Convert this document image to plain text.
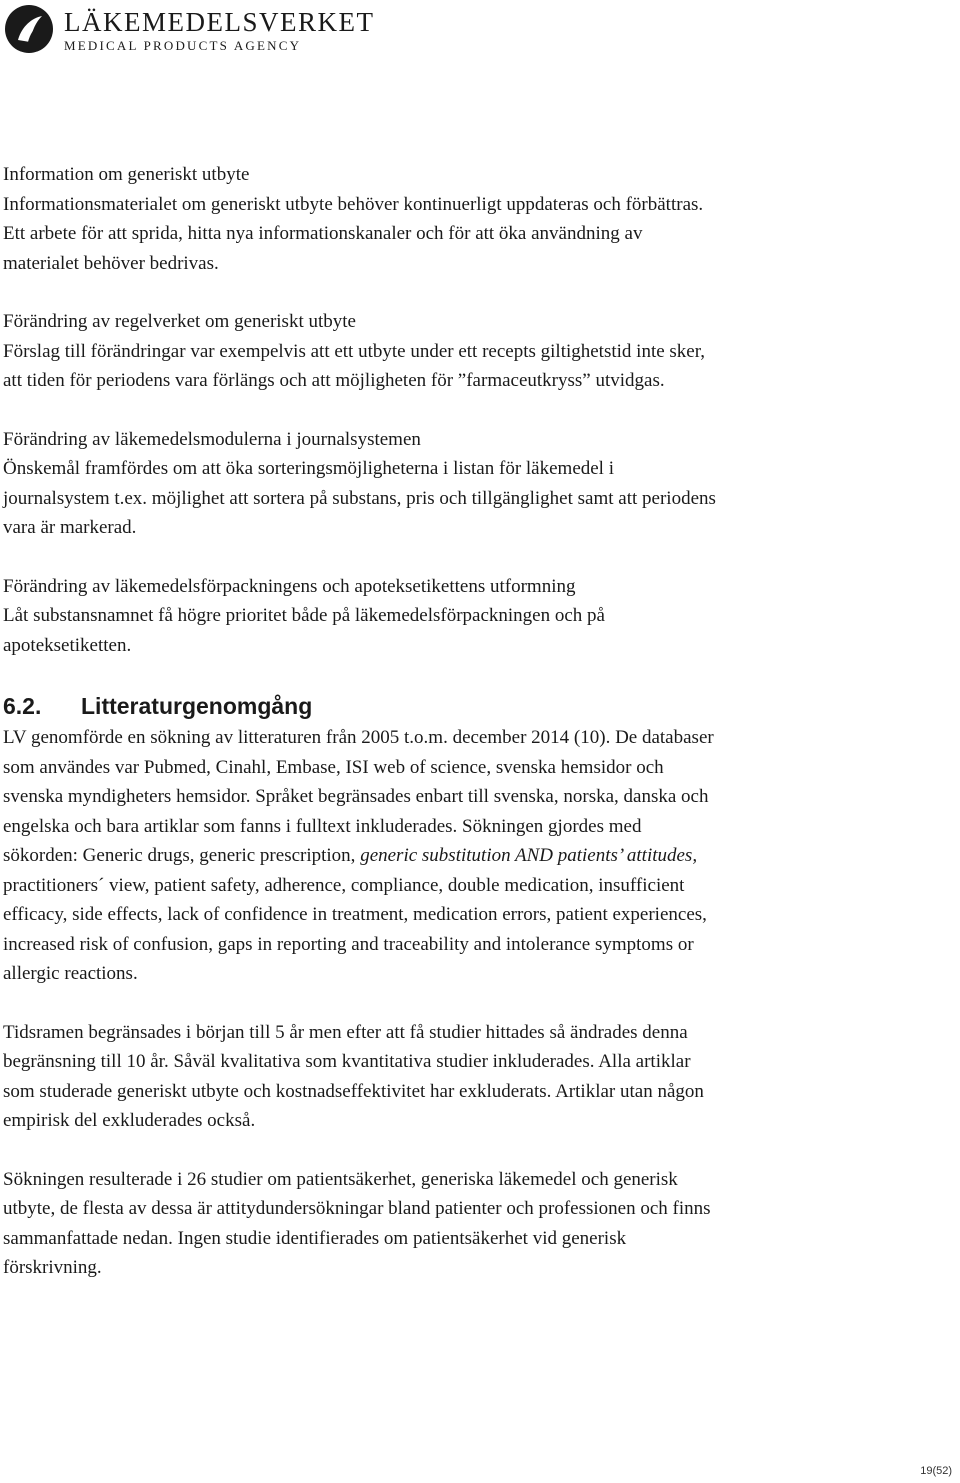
LÄKEMEDELSVERKET
MEDICAL PRODUCTS AGENCY

Information om generiskt utbyte
Informationsmaterialet om generiskt utbyte behöver kontinuerligt uppdateras och förbättras.
Ett arbete för att sprida, hitta nya informationskanaler och för att öka användning av
materialet behöver bedrivas.

Förändring av regelverket om generiskt utbyte
Förslag till förändringar var exempelvis att ett utbyte under ett recepts giltighetstid inte sker,
att tiden för periodens vara förlängs och att möjligheten för ”farmaceutkryss” utvidgas.

Förändring av läkemedelsmodulerna i journalsystemen
Önskemål framfördes om att öka sorteringsmöjligheterna i listan för läkemedel i
journalsystem t.ex. möjlighet att sortera på substans, pris och tillgänglighet samt att periodens
vara är markerad.

Förändring av läkemedelsförpackningens och apoteksetikettens utformning
Låt substansnamnet få högre prioritet både på läkemedelsförpackningen och på
apoteksetiketten.

6.2.	Litteraturgenomgång

LV genomförde en sökning av litteraturen från 2005 t.o.m. december 2014 (10). De databaser
som användes var Pubmed, Cinahl, Embase, ISI web of science, svenska hemsidor och
svenska myndigheters hemsidor. Språket begränsades enbart till svenska, norska, danska och
engelska och bara artiklar som fanns i fulltext inkluderades. Sökningen gjordes med
sökorden: Generic drugs, generic prescription, generic substitution AND patients’ attitudes,
practitioners´ view, patient safety, adherence, compliance, double medication, insufficient
efficacy, side effects, lack of confidence in treatment, medication errors, patient experiences,
increased risk of confusion, gaps in reporting and traceability and intolerance symptoms or
allergic reactions.

Tidsramen begränsades i början till 5 år men efter att få studier hittades så ändrades denna
begränsning till 10 år. Såväl kvalitativa som kvantitativa studier inkluderades. Alla artiklar
som studerade generiskt utbyte och kostnadseffektivitet har exkluderats. Artiklar utan någon
empirisk del exkluderades också.

Sökningen resulterade i 26 studier om patientsäkerhet, generiska läkemedel och generisk
utbyte, de flesta av dessa är attitydundersökningar bland patienter och professionen och finns
sammanfattade nedan. Ingen studie identifierades om patientsäkerhet vid generisk
förskrivning.

19(52)
